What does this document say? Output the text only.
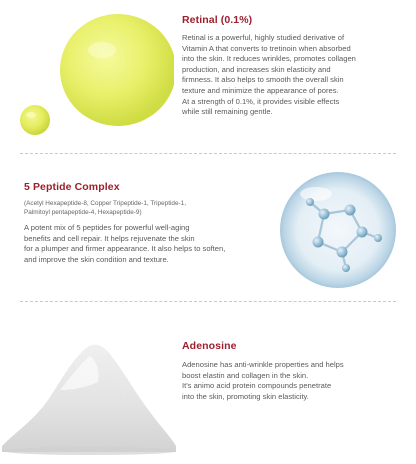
Retinal (0.1%)
Retinal is a powerful, highly studied derivative of
Vitamin A that converts to tretinoin when absorbed
into the skin. It reduces wrinkles, promotes collagen
production, and increases skin elasticity and
firmness. It also helps to smooth the overall skin
texture and minimize the appearance of pores.
At a strength of 0.1%, it provides visible effects
while still remaining gentle.
5 Peptide Complex
(Acetyl Hexapeptide-8, Copper Tripeptide-1, Tripeptide-1,
Palmitoyl pentapeptide-4, Hexapeptide-9)
A potent mix of 5 peptides for powerful well-aging
benefits and cell repair. It helps rejuvenate the skin
for a plumper and firmer appearance. It also helps to soften,
and improve the skin condition and texture.
Adenosine
Adenosine has anti-wrinkle properties and helps
boost elastin and collagen in the skin.
It's animo acid protein compounds penetrate
into the skin, promoting skin elasticity.
